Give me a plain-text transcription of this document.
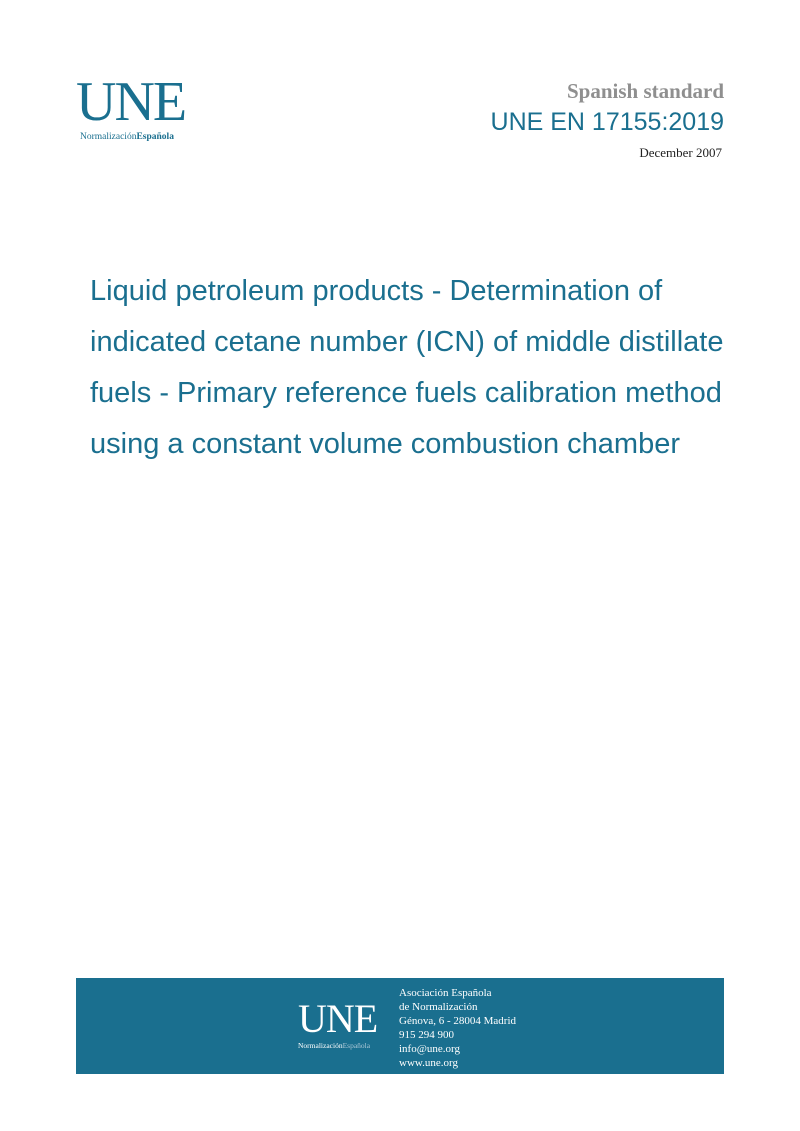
UNE
NormalizaciónEspañola
Spanish standard
UNE EN 17155:2019
December 2007
Liquid petroleum products - Determination of indicated cetane number (ICN) of middle distillate fuels - Primary reference fuels calibration method using a constant volume combustion chamber
UNE
NormalizaciónEspañola
Asociación Española
de Normalización
Génova, 6 - 28004 Madrid
915 294 900
info@une.org
www.une.org
